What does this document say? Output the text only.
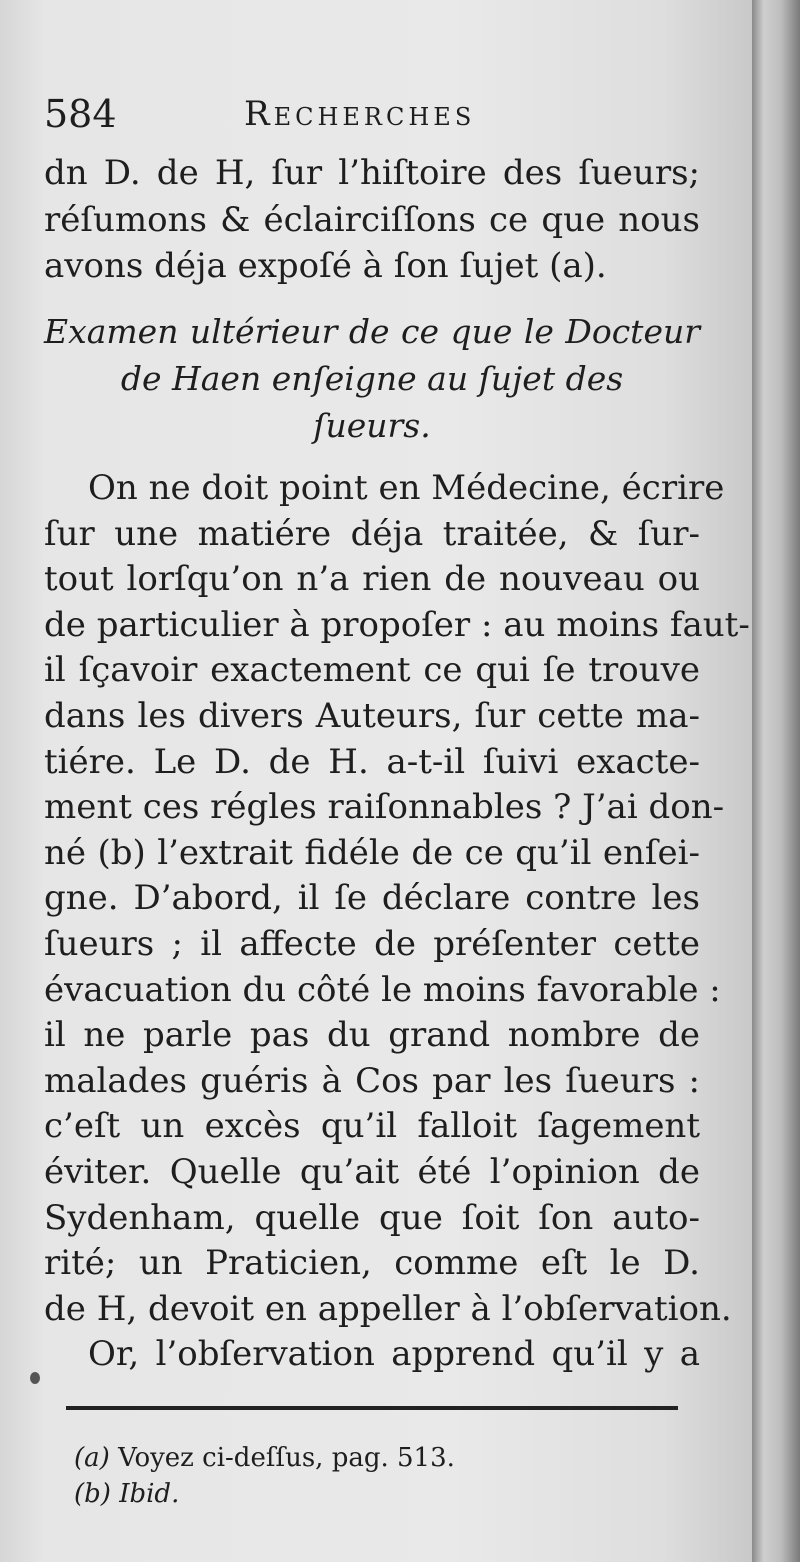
584	Recherches
dn D. de H, ſur l’hiſtoire des ſueurs;
réſumons & éclairciſſons ce que nous
avons déja expoſé à ſon ſujet (a).
Examen ultérieur de ce que le Docteur
de Haen enſeigne au ſujet des
ſueurs.
On ne doit point en Médecine, écrire
ſur une matiére déja traitée, & ſur-
tout lorſqu’on n’a rien de nouveau ou
de particulier à propoſer : au moins faut-
il ſçavoir exactement ce qui ſe trouve
dans les divers Auteurs, ſur cette ma-
tiére. Le D. de H. a-t-il ſuivi exacte-
ment ces régles raiſonnables ? J’ai don-
né (b) l’extrait fidéle de ce qu’il enſei-
gne. D’abord, il ſe déclare contre les
ſueurs ; il affecte de préſenter cette
évacuation du côté le moins favorable :
il ne parle pas du grand nombre de
malades guéris à Cos par les ſueurs :
c’eſt un excès qu’il falloit ſagement
éviter. Quelle qu’ait été l’opinion de
Sydenham, quelle que ſoit ſon auto-
rité; un Praticien, comme eſt le D.
de H, devoit en appeller à l’obſervation.
Or, l’obſervation apprend qu’il y a
(a) Voyez ci-deſſus, pag. 513.
(b) Ibid.
